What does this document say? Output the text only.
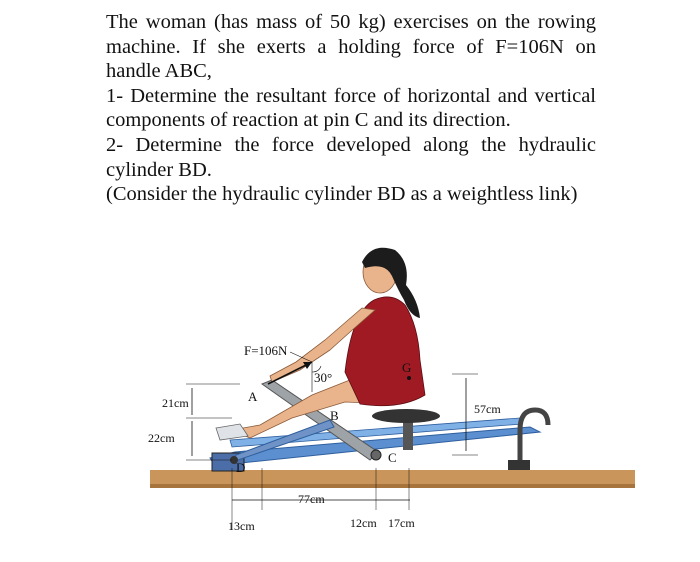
The woman (has mass of 50 kg) exercises on the rowing machine. If she exerts a holding force of F=106N on handle ABC,

1- Determine the resultant force of horizontal and vertical components of reaction at pin C and its direction.

2- Determine the force developed along the hydraulic cylinder BD.

(Consider the hydraulic cylinder BD as a weightless link)

F=106N
30°
A
B
C
D
G
21cm
22cm
57cm
77cm
13cm	12cm 17cm
